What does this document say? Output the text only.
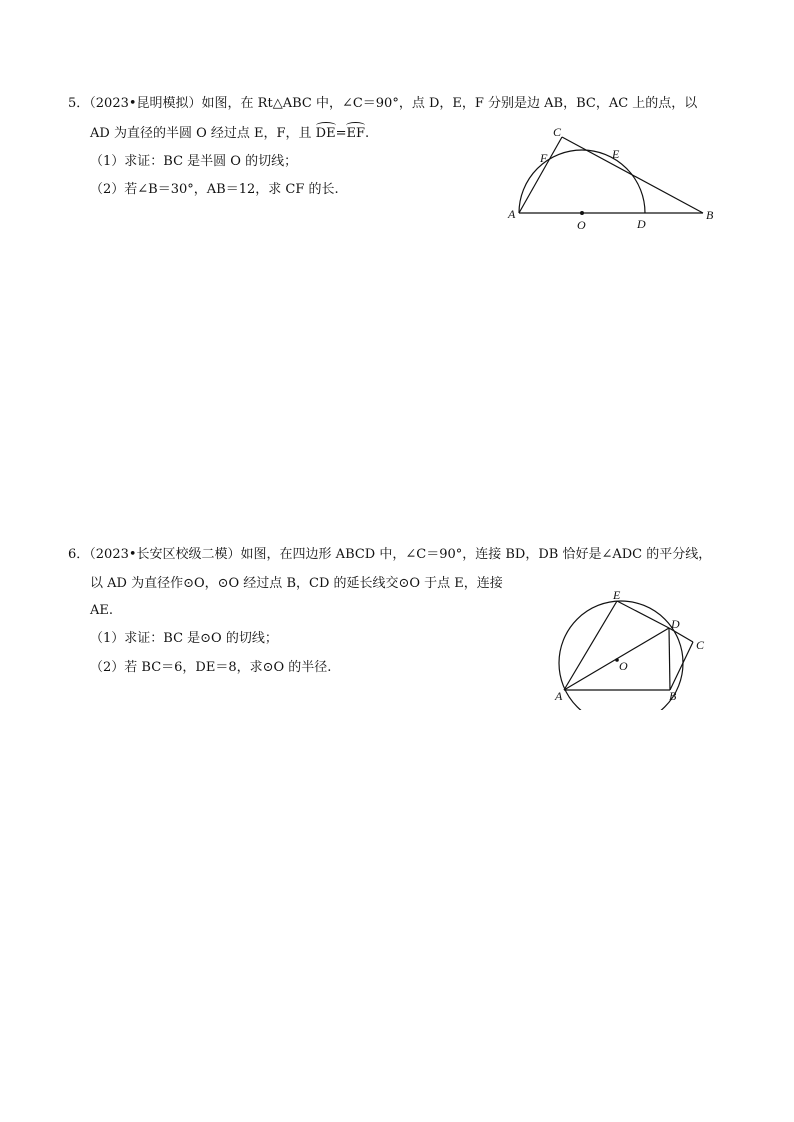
5．（2023•昆明模拟）如图，在 Rt△ABC 中，∠C＝90°，点 D，E，F 分别是边 AB，BC，AC 上的点，以
AD 为直径的半圆 O 经过点 E，F，且 DE=EF.
（1）求证：BC 是半圆 O 的切线；
（2）若∠B＝30°，AB＝12，求 CF 的长.
C
F	E
A
O	D
B
6．（2023•长安区校级二模）如图，在四边形 ABCD 中，∠C＝90°，连接 BD，DB 恰好是∠ADC 的平分线，
以 AD 为直径作⊙O，⊙O 经过点 B，CD 的延长线交⊙O 于点 E，连接
AE.
（1）求证：BC 是⊙O 的切线；
（2）若 BC＝6，DE＝8，求⊙O 的半径.
E
D
C
O
A	B
